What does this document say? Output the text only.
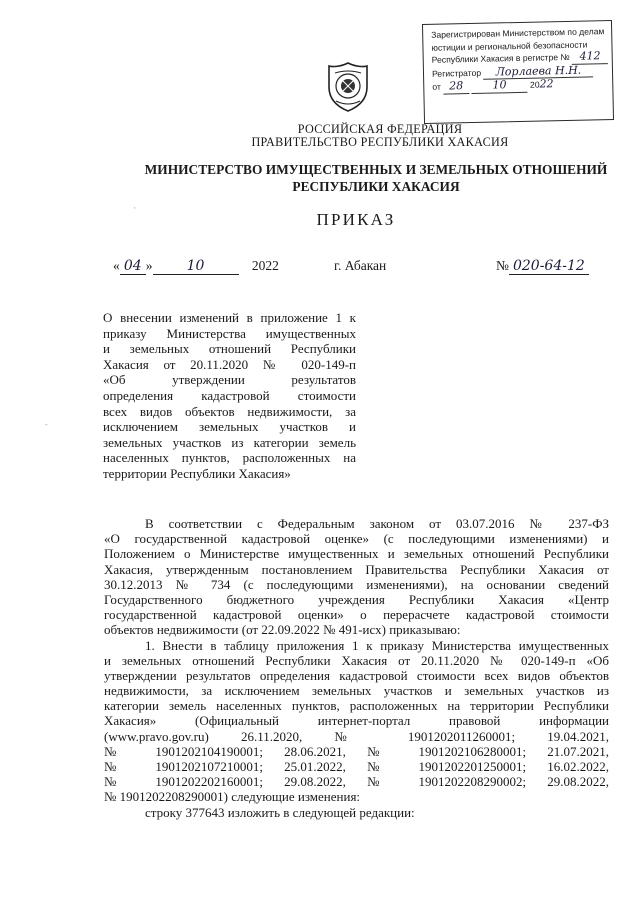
Зарегистрирован Министерством по делам
юстиции и региональной безопасности
Республики Хакасия в регистре № 412
Регистратор Лорлаева Н.Н.
от 28	10	2022
РОССИЙСКАЯ ФЕДЕРАЦИЯ
ПРАВИТЕЛЬСТВО РЕСПУБЛИКИ ХАКАСИЯ
МИНИСТЕРСТВО ИМУЩЕСТВЕННЫХ И ЗЕМЕЛЬНЫХ ОТНОШЕНИЙ
РЕСПУБЛИКИ ХАКАСИЯ
ПРИКАЗ
« 04 » 10	2022	г. Абакан	№ 020-64-12
О внесении изменений в приложение 1 к
приказу Министерства имущественных
и земельных отношений Республики
Хакасия от 20.11.2020 № 020-149-п
«Об утверждении результатов
определения кадастровой стоимости
всех видов объектов недвижимости, за
исключением земельных участков и
земельных участков из категории земель
населенных пунктов, расположенных на
территории Республики Хакасия»
'
-
В соответствии с Федеральным законом от 03.07.2016 № 237-ФЗ
«О государственной кадастровой оценке» (с последующими изменениями) и
Положением о Министерстве имущественных и земельных отношений Республики
Хакасия, утвержденным постановлением Правительства Республики Хакасия от
30.12.2013 № 734 (с последующими изменениями), на основании сведений
Государственного бюджетного учреждения Республики Хакасия «Центр
государственной кадастровой оценки» о перерасчете кадастровой стоимости
объектов недвижимости (от 22.09.2022 № 491-исх) приказываю:
1. Внести в таблицу приложения 1 к приказу Министерства имущественных
и земельных отношений Республики Хакасия от 20.11.2020 № 020-149-п «Об
утверждении результатов определения кадастровой стоимости всех видов объектов
недвижимости, за исключением земельных участков и земельных участков из
категории земель населенных пунктов, расположенных на территории Республики
Хакасия» (Официальный интернет-портал правовой информации
(www.pravo.gov.ru) 26.11.2020, № 1901202011260001; 19.04.2021,
№ 1901202104190001; 28.06.2021, № 1901202106280001; 21.07.2021,
№ 1901202107210001; 25.01.2022, № 1901202201250001; 16.02.2022,
№ 1901202202160001; 29.08.2022, № 1901202208290002; 29.08.2022,
№ 1901202208290001) следующие изменения:
строку 377643 изложить в следующей редакции:
